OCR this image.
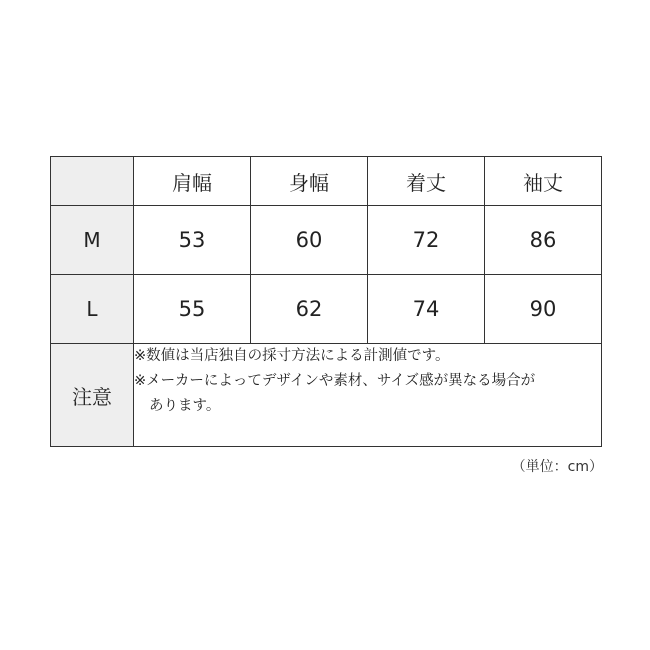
	肩幅	身幅	着丈	袖丈
M	53	60	72	86
L	55	62	74	90
注意	※数値は当店独自の採寸方法による計測値です。
※メーカーによってデザインや素材、サイズ感が異なる場合が
あります。			
（単位：cm）
